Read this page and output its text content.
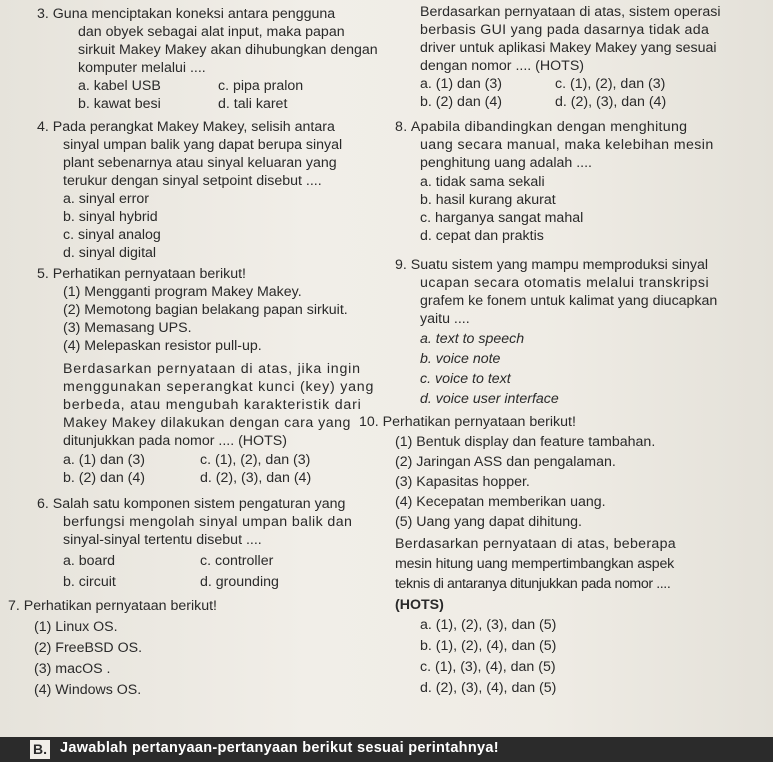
3. Guna menciptakan koneksi antara pengguna
dan obyek sebagai alat input, maka papan
sirkuit Makey Makey akan dihubungkan dengan
komputer melalui ....
a. kabel USB	c. pipa pralon
b. kawat besi	d. tali karet
4. Pada perangkat Makey Makey, selisih antara
sinyal umpan balik yang dapat berupa sinyal
plant sebenarnya atau sinyal keluaran yang
terukur dengan sinyal setpoint disebut ....
a. sinyal error
b. sinyal hybrid
c. sinyal analog
d. sinyal digital
5. Perhatikan pernyataan berikut!
(1) Mengganti program Makey Makey.
(2) Memotong bagian belakang papan sirkuit.
(3) Memasang UPS.
(4) Melepaskan resistor pull-up.
Berdasarkan pernyataan di atas, jika ingin
menggunakan seperangkat kunci (key) yang
berbeda, atau mengubah karakteristik dari
Makey Makey dilakukan dengan cara yang
ditunjukkan pada nomor .... (HOTS)
a. (1) dan (3)	c. (1), (2), dan (3)
b. (2) dan (4)	d. (2), (3), dan (4)
6. Salah satu komponen sistem pengaturan yang
berfungsi mengolah sinyal umpan balik dan
sinyal-sinyal tertentu disebut ....
a. board	c. controller
b. circuit	d. grounding
7. Perhatikan pernyataan berikut!
(1) Linux OS.
(2) FreeBSD OS.
(3) macOS .
(4) Windows OS.
Berdasarkan pernyataan di atas, sistem operasi
berbasis GUI yang pada dasarnya tidak ada
driver untuk aplikasi Makey Makey yang sesuai
dengan nomor .... (HOTS)
a. (1) dan (3)	c. (1), (2), dan (3)
b. (2) dan (4)	d. (2), (3), dan (4)
8. Apabila dibandingkan dengan menghitung
uang secara manual, maka kelebihan mesin
penghitung uang adalah ....
a. tidak sama sekali
b. hasil kurang akurat
c. harganya sangat mahal
d. cepat dan praktis
9. Suatu sistem yang mampu memproduksi sinyal
ucapan secara otomatis melalui transkripsi
grafem ke fonem untuk kalimat yang diucapkan
yaitu ....
a. text to speech
b. voice note
c. voice to text
d. voice user interface
10. Perhatikan pernyataan berikut!
(1) Bentuk display dan feature tambahan.
(2) Jaringan ASS dan pengalaman.
(3) Kapasitas hopper.
(4) Kecepatan memberikan uang.
(5) Uang yang dapat dihitung.
Berdasarkan pernyataan di atas, beberapa
mesin hitung uang mempertimbangkan aspek
teknis di antaranya ditunjukkan pada nomor ....
(HOTS)
a. (1), (2), (3), dan (5)
b. (1), (2), (4), dan (5)
c. (1), (3), (4), dan (5)
d. (2), (3), (4), dan (5)
B. Jawablah pertanyaan-pertanyaan berikut sesuai perintahnya!
